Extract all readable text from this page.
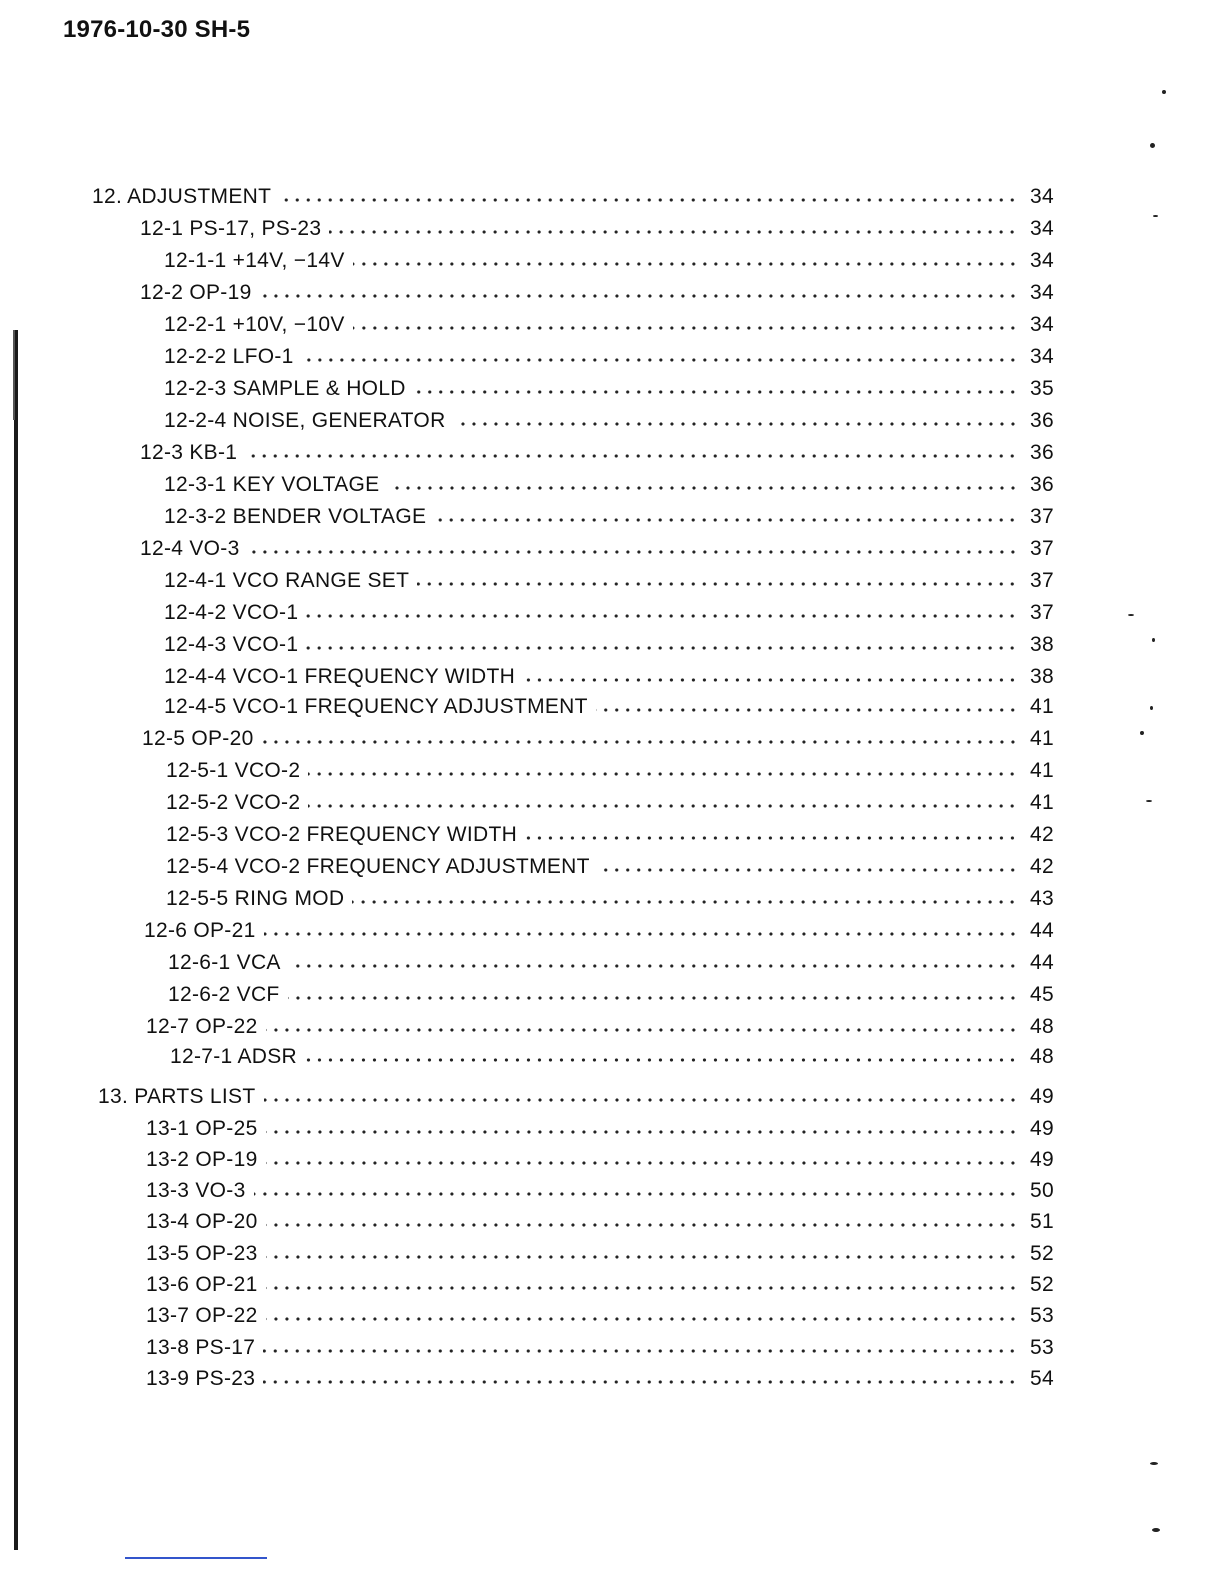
1976-10-30 SH-5
12. ADJUSTMENT	34
12-1 PS-17, PS-23	34
12-1-1 +14V, −14V	34
12-2 OP-19	34
12-2-1 +10V, −10V	34
12-2-2 LFO-1	34
12-2-3 SAMPLE & HOLD	35
12-2-4 NOISE, GENERATOR	36
12-3 KB-1	36
12-3-1 KEY VOLTAGE	36
12-3-2 BENDER VOLTAGE	37
12-4 VO-3	37
12-4-1 VCO RANGE SET	37
12-4-2 VCO-1	37
12-4-3 VCO-1	38
12-4-4 VCO-1 FREQUENCY WIDTH	38
12-4-5 VCO-1 FREQUENCY ADJUSTMENT	41
12-5 OP-20	41
12-5-1 VCO-2	41
12-5-2 VCO-2	41
12-5-3 VCO-2 FREQUENCY WIDTH	42
12-5-4 VCO-2 FREQUENCY ADJUSTMENT	42
12-5-5 RING MOD	43
12-6 OP-21	44
12-6-1 VCA	44
12-6-2 VCF	45
12-7 OP-22	48
12-7-1 ADSR	48
13. PARTS LIST	49
13-1 OP-25	49
13-2 OP-19	49
13-3 VO-3	50
13-4 OP-20	51
13-5 OP-23	52
13-6 OP-21	52
13-7 OP-22	53
13-8 PS-17	53
13-9 PS-23	54
